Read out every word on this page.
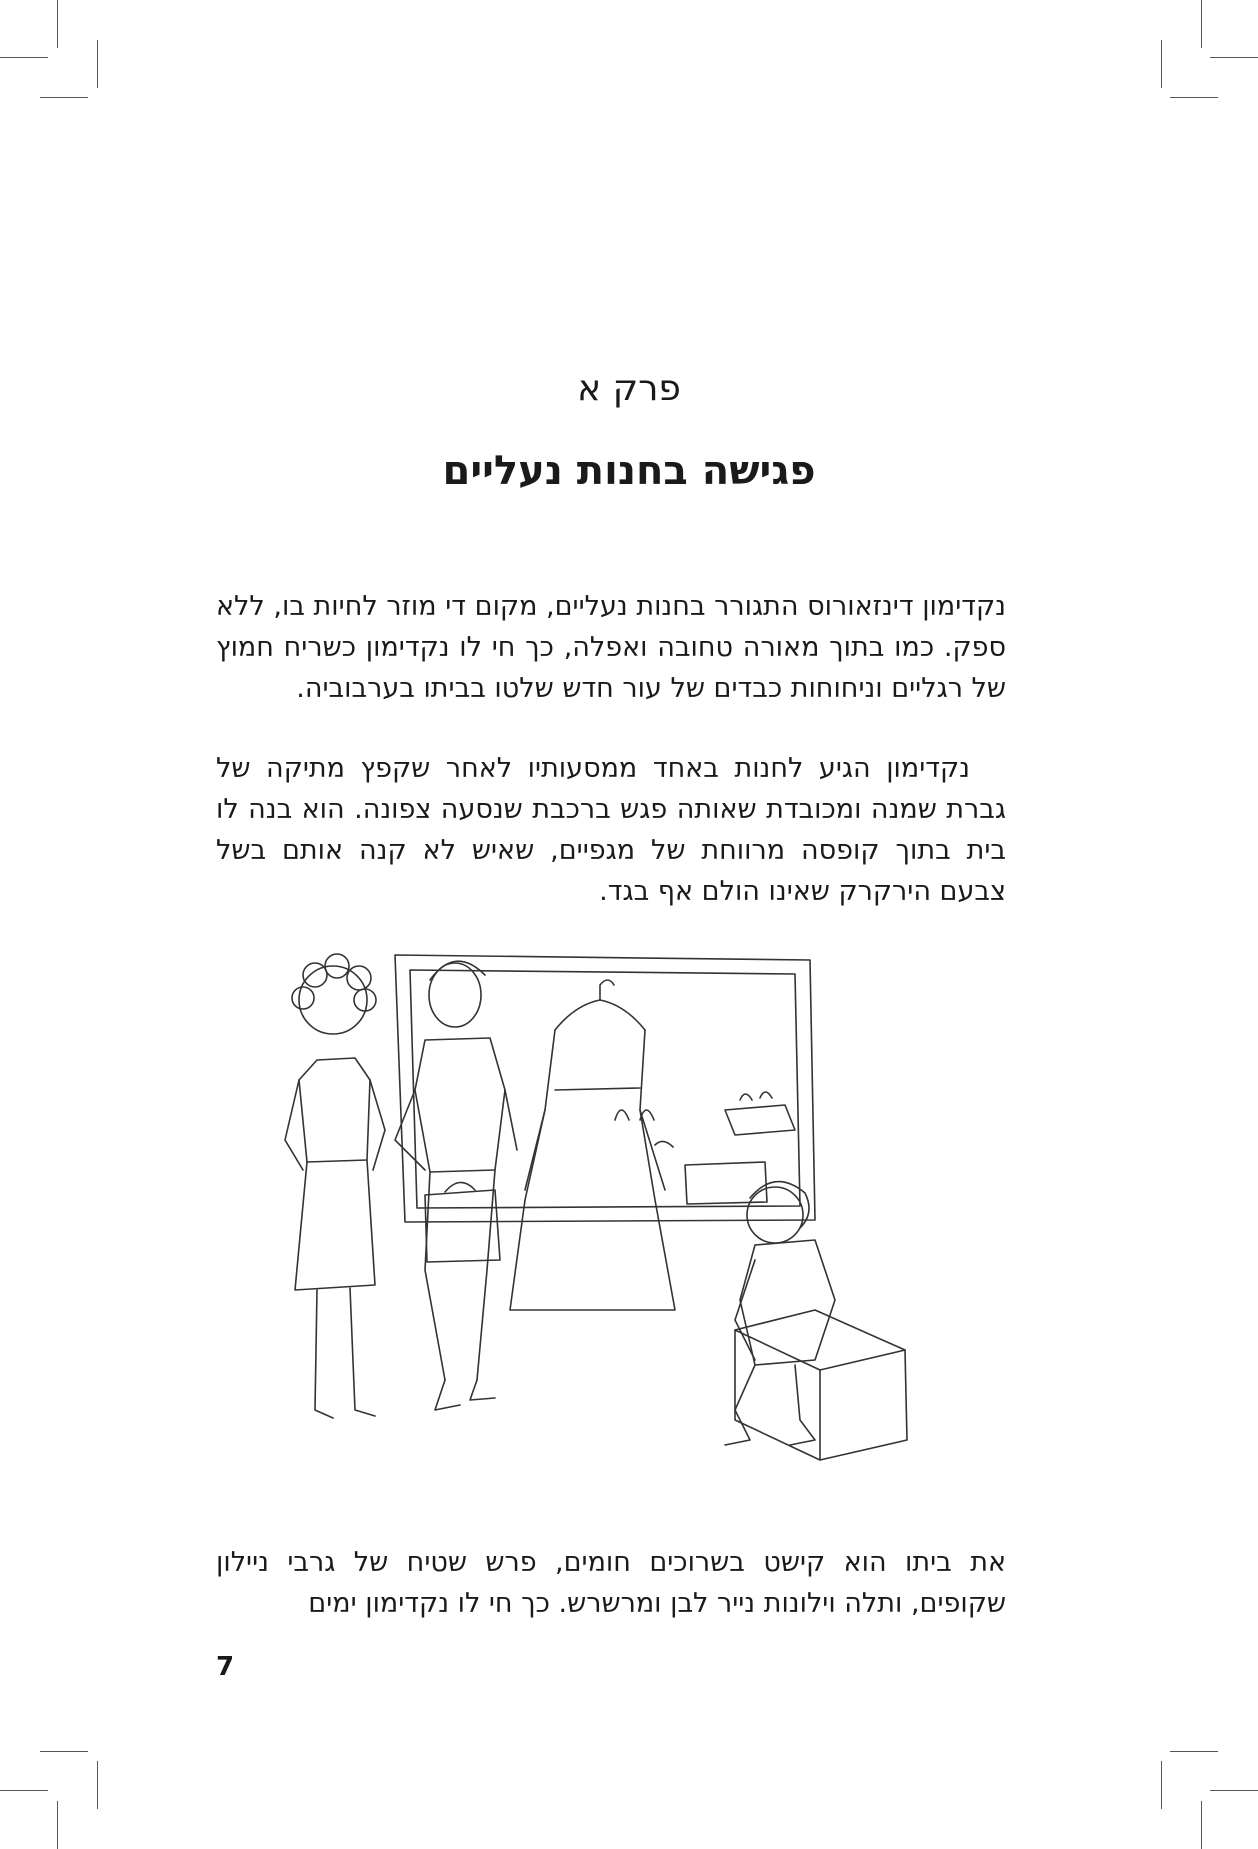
פרק א
פגישה בחנות נעליים

נקדימון דינזאורוס התגורר בחנות נעליים, מקום די מוזר לחיות בו, ללא ספק. כמו בתוך מאורה טחובה ואפלה, כך חי לו נקדימון כשריח חמוץ של רגליים וניחוחות כבדים של עור חדש שלטו בביתו בערבוביה.

נקדימון הגיע לחנות באחד ממסעותיו לאחר שקפץ מתיקה של גברת שמנה ומכובדת שאותה פגש ברכבת שנסעה צפונה. הוא בנה לו בית בתוך קופסה מרווחת של מגפיים, שאיש לא קנה אותם בשל צבעם הירקרק שאינו הולם אף בגד.

את ביתו הוא קישט בשרוכים חומים, פרש שטיח של גרבי ניילון שקופים, ותלה וילונות נייר לבן ומרשרש. כך חי לו נקדימון ימים

7
